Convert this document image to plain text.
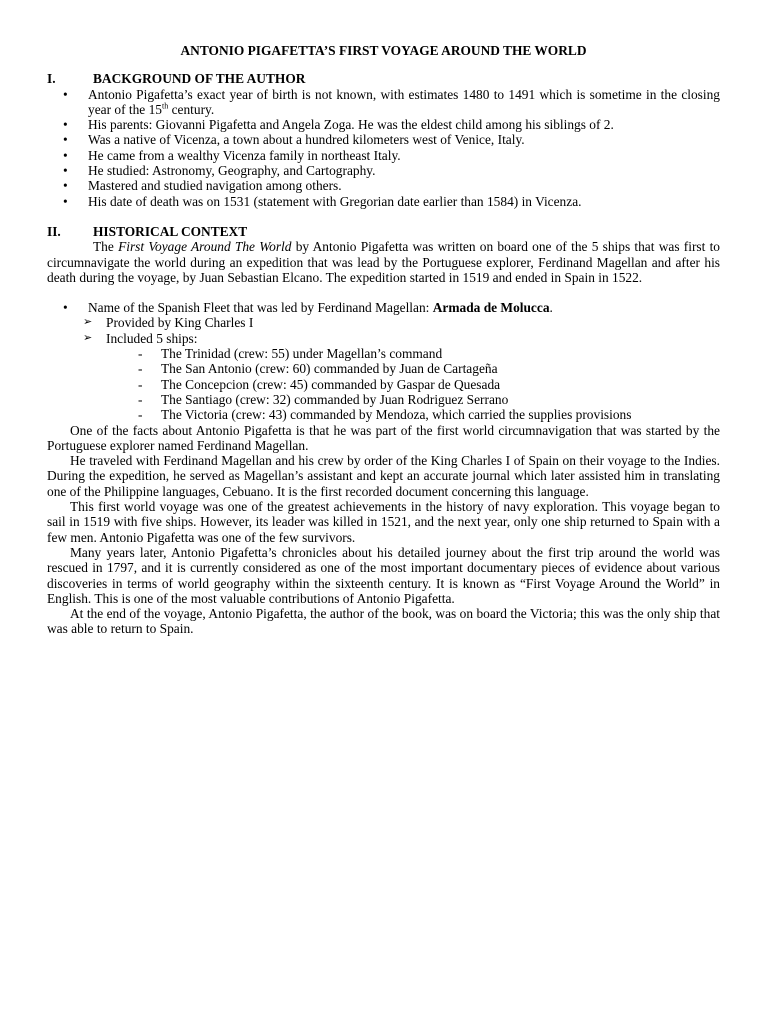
ANTONIO PIGAFETTA’S FIRST VOYAGE AROUND THE WORLD
I.	BACKGROUND OF THE AUTHOR
• Antonio Pigafetta’s exact year of birth is not known, with estimates 1480 to 1491 which is sometime in the closing year of the 15th century.
• His parents: Giovanni Pigafetta and Angela Zoga. He was the eldest child among his siblings of 2.
• Was a native of Vicenza, a town about a hundred kilometers west of Venice, Italy.
• He came from a wealthy Vicenza family in northeast Italy.
• He studied: Astronomy, Geography, and Cartography.
• Mastered and studied navigation among others.
• His date of death was on 1531 (statement with Gregorian date earlier than 1584) in Vicenza.
II.	HISTORICAL CONTEXT

The First Voyage Around The World by Antonio Pigafetta was written on board one of the 5 ships that was first to circumnavigate the world during an expedition that was lead by the Portuguese explorer, Ferdinand Magellan and after his death during the voyage, by Juan Sebastian Elcano. The expedition started in 1519 and ended in Spain in 1522.

• Name of the Spanish Fleet that was led by Ferdinand Magellan: Armada de Molucca.
➢ Provided by King Charles I
➢ Included 5 ships:
- The Trinidad (crew: 55) under Magellan’s command
- The San Antonio (crew: 60) commanded by Juan de Cartageña
- The Concepcion (crew: 45) commanded by Gaspar de Quesada
- The Santiago (crew: 32) commanded by Juan Rodriguez Serrano
- The Victoria (crew: 43) commanded by Mendoza, which carried the supplies provisions

One of the facts about Antonio Pigafetta is that he was part of the first world circumnavigation that was started by the Portuguese explorer named Ferdinand Magellan.

He traveled with Ferdinand Magellan and his crew by order of the King Charles I of Spain on their voyage to the Indies. During the expedition, he served as Magellan’s assistant and kept an accurate journal which later assisted him in translating one of the Philippine languages, Cebuano. It is the first recorded document concerning this language.

This first world voyage was one of the greatest achievements in the history of navy exploration. This voyage began to sail in 1519 with five ships. However, its leader was killed in 1521, and the next year, only one ship returned to Spain with a few men. Antonio Pigafetta was one of the few survivors.

Many years later, Antonio Pigafetta’s chronicles about his detailed journey about the first trip around the world was rescued in 1797, and it is currently considered as one of the most important documentary pieces of evidence about various discoveries in terms of world geography within the sixteenth century. It is known as “First Voyage Around the World” in English. This is one of the most valuable contributions of Antonio Pigafetta.

At the end of the voyage, Antonio Pigafetta, the author of the book, was on board the Victoria; this was the only ship that was able to return to Spain.
